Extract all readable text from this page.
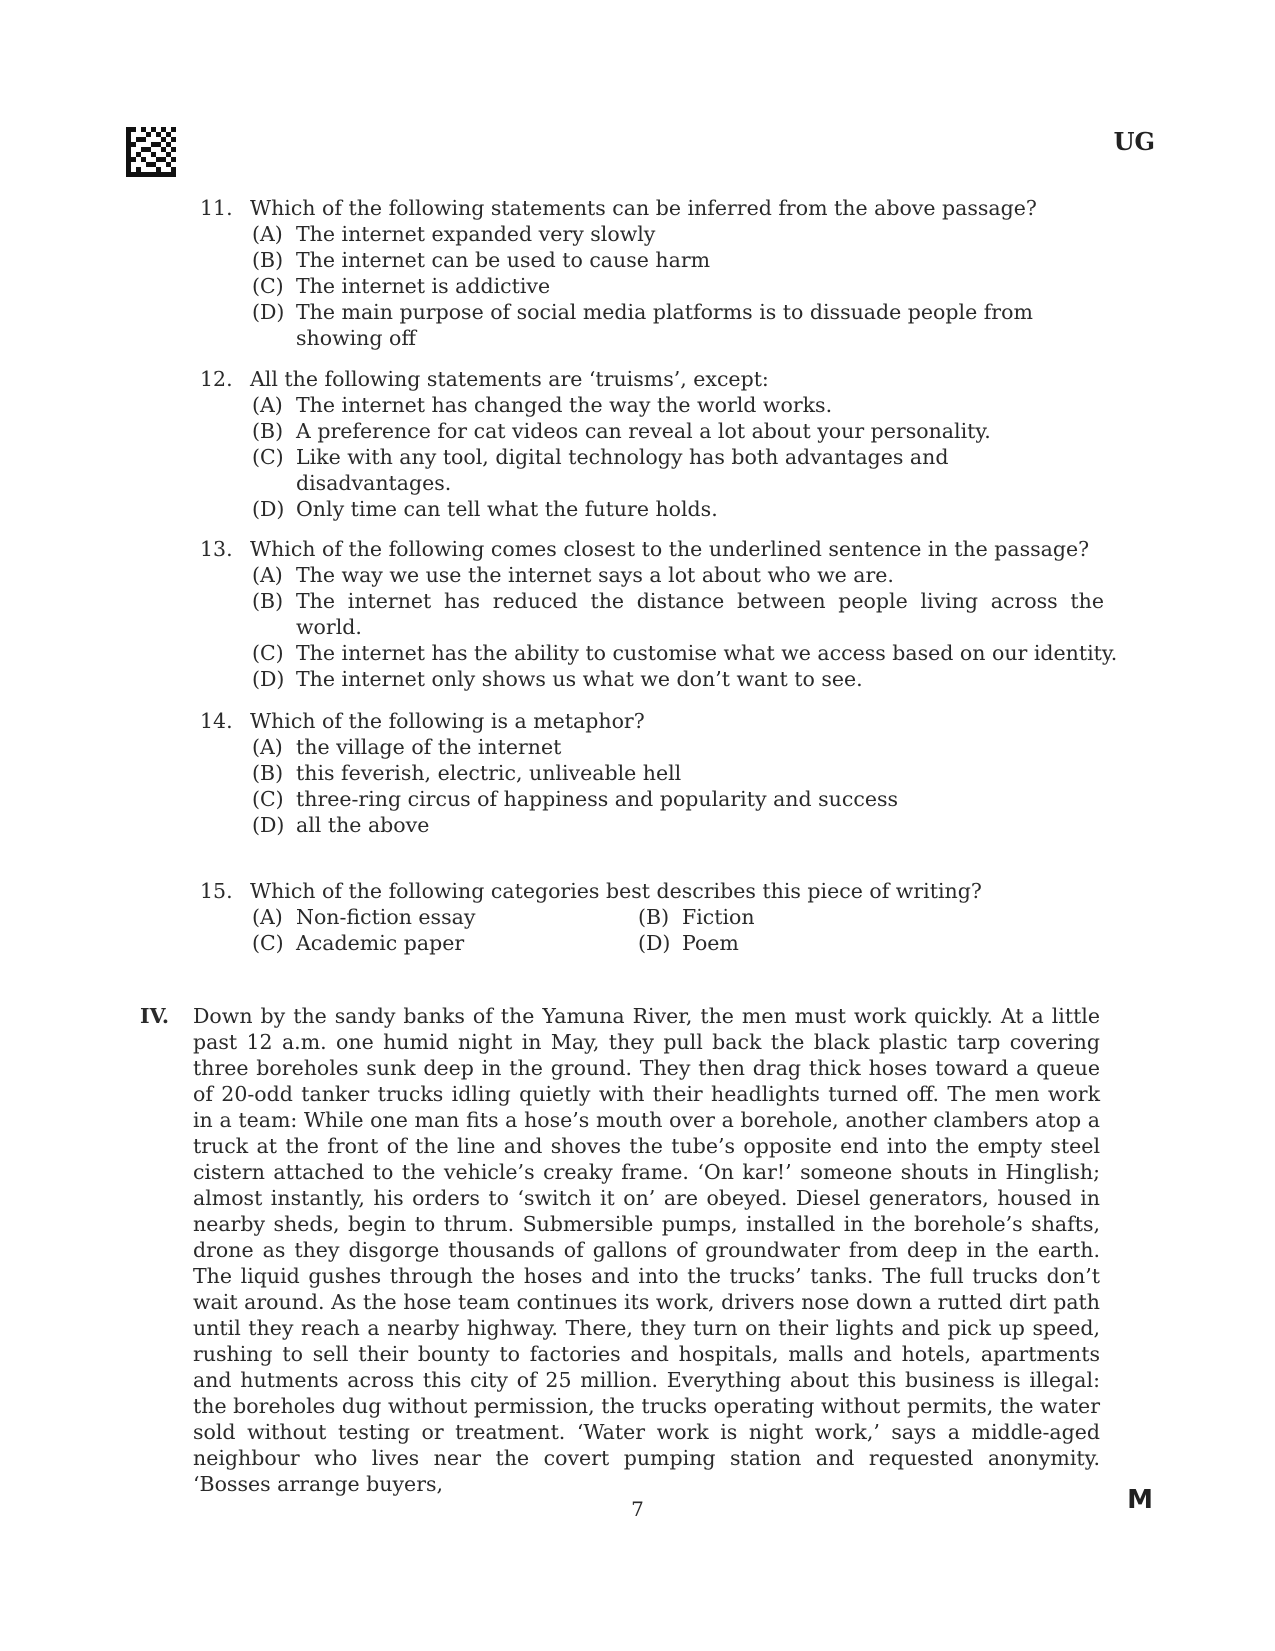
UG
11. Which of the following statements can be inferred from the above passage?
(A) The internet expanded very slowly
(B) The internet can be used to cause harm
(C) The internet is addictive
(D) The main purpose of social media platforms is to dissuade people from showing off
12. All the following statements are ‘truisms’, except:
(A) The internet has changed the way the world works.
(B) A preference for cat videos can reveal a lot about your personality.
(C) Like with any tool, digital technology has both advantages and disadvantages.
(D) Only time can tell what the future holds.
13. Which of the following comes closest to the underlined sentence in the passage?
(A) The way we use the internet says a lot about who we are.
(B) The internet has reduced the distance between people living across the
world.
(C) The internet has the ability to customise what we access based on our identity.
(D) The internet only shows us what we don’t want to see.
14. Which of the following is a metaphor?
(A) the village of the internet
(B) this feverish, electric, unliveable hell
(C) three-ring circus of happiness and popularity and success
(D) all the above
15. Which of the following categories best describes this piece of writing?
(A) Non-fiction essay	(B) Fiction
(C) Academic paper	(D) Poem
IV. Down by the sandy banks of the Yamuna River, the men must work quickly. At a little past 12 a.m. one humid night in May, they pull back the black plastic tarp covering three boreholes sunk deep in the ground. They then drag thick hoses toward a queue of 20-odd tanker trucks idling quietly with their headlights turned off. The men work in a team: While one man fits a hose’s mouth over a borehole, another clambers atop a truck at the front of the line and shoves the tube’s opposite end into the empty steel cistern attached to the vehicle’s creaky frame. ‘On kar!’ someone shouts in Hinglish; almost instantly, his orders to ‘switch it on’ are obeyed. Diesel generators, housed in nearby sheds, begin to thrum. Submersible pumps, installed in the borehole’s shafts, drone as they disgorge thousands of gallons of groundwater from deep in the earth. The liquid gushes through the hoses and into the trucks’ tanks. The full trucks don’t wait around. As the hose team continues its work, drivers nose down a rutted dirt path until they reach a nearby highway. There, they turn on their lights and pick up speed, rushing to sell their bounty to factories and hospitals, malls and hotels, apartments and hutments across this city of 25 million. Everything about this business is illegal: the boreholes dug without permission, the trucks operating without permits, the water sold without testing or treatment. ‘Water work is night work,’ says a middle-aged neighbour who lives near the covert pumping station and requested anonymity. ‘Bosses arrange buyers,
7	M
